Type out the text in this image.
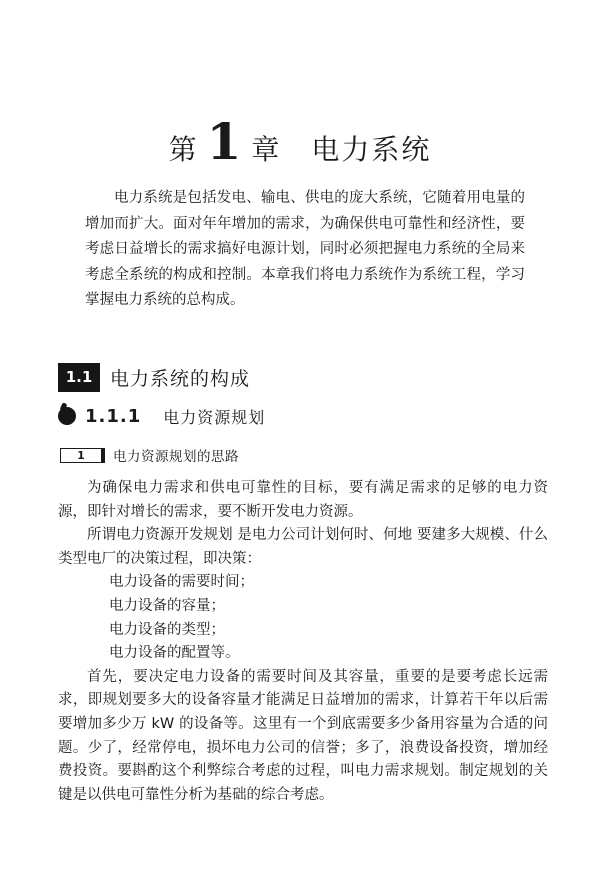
第 1 章 电力系统

电力系统是包括发电、输电、供电的庞大系统，它随着用电量的增加而扩大。面对年年增加的需求，为确保供电可靠性和经济性，要考虑日益增长的需求搞好电源计划，同时必须把握电力系统的全局来考虑全系统的构成和控制。本章我们将电力系统作为系统工程，学习掌握电力系统的总构成。

1.1 电力系统的构成
1.1.1 电力资源规划
1	电力资源规划的思路

为确保电力需求和供电可靠性的目标，要有满足需求的足够的电力资源，即针对增长的需求，要不断开发电力资源。

所谓电力资源开发规划 是电力公司计划何时、何地 要建多大规模、什么类型电厂的决策过程，即决策：

电力设备的需要时间；

电力设备的容量；

电力设备的类型；

电力设备的配置等。

首先，要决定电力设备的需要时间及其容量，重要的是要考虑长远需求，即规划要多大的设备容量才能满足日益增加的需求，计算若干年以后需要增加多少万 kW 的设备等。这里有一个到底需要多少备用容量为合适的问题。少了，经常停电，损坏电力公司的信誉；多了，浪费设备投资，增加经费投资。要斟酌这个利弊综合考虑的过程，叫电力需求规划。制定规划的关键是以供电可靠性分析为基础的综合考虑。
